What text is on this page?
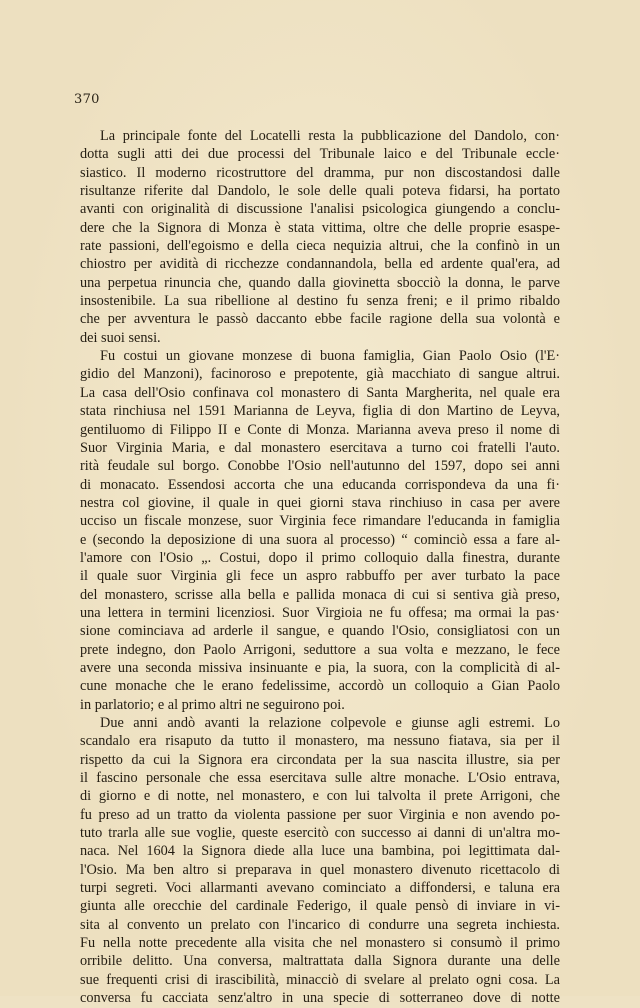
370
La principale fonte del Locatelli resta la pubblicazione del Dandolo, con·
dotta sugli atti dei due processi del Tribunale laico e del Tribunale eccle·
siastico. Il moderno ricostruttore del dramma, pur non discostandosi dalle
risultanze riferite dal Dandolo, le sole delle quali poteva fidarsi, ha portato
avanti con originalità di discussione l'analisi psicologica giungendo a conclu-
dere che la Signora di Monza è stata vittima, oltre che delle proprie esaspe-
rate passioni, dell'egoismo e della cieca nequizia altrui, che la confinò in un
chiostro per avidità di ricchezze condannandola, bella ed ardente qual'era, ad
una perpetua rinuncia che, quando dalla giovinetta sbocciò la donna, le parve
insostenibile. La sua ribellione al destino fu senza freni; e il primo ribaldo
che per avventura le passò daccanto ebbe facile ragione della sua volontà e
dei suoi sensi.
Fu costui un giovane monzese di buona famiglia, Gian Paolo Osio (l'E·
gidio del Manzoni), facinoroso e prepotente, già macchiato di sangue altrui.
La casa dell'Osio confinava col monastero di Santa Margherita, nel quale era
stata rinchiusa nel 1591 Marianna de Leyva, figlia di don Martino de Leyva,
gentiluomo di Filippo II e Conte di Monza. Marianna aveva preso il nome di
Suor Virginia Maria, e dal monastero esercitava a turno coi fratelli l'auto.
rità feudale sul borgo. Conobbe l'Osio nell'autunno del 1597, dopo sei anni
di monacato. Essendosi accorta che una educanda corrispondeva da una fi·
nestra col giovine, il quale in quei giorni stava rinchiuso in casa per avere
ucciso un fiscale monzese, suor Virginia fece rimandare l'educanda in famiglia
e (secondo la deposizione di una suora al processo) “ cominciò essa a fare al-
l'amore con l'Osio „. Costui, dopo il primo colloquio dalla finestra, durante
il quale suor Virginia gli fece un aspro rabbuffo per aver turbato la pace
del monastero, scrisse alla bella e pallida monaca di cui si sentiva già preso,
una lettera in termini licenziosi. Suor Virgioia ne fu offesa; ma ormai la pas·
sione cominciava ad arderle il sangue, e quando l'Osio, consigliatosi con un
prete indegno, don Paolo Arrigoni, seduttore a sua volta e mezzano, le fece
avere una seconda missiva insinuante e pia, la suora, con la complicità di al-
cune monache che le erano fedelissime, accordò un colloquio a Gian Paolo
in parlatorio; e al primo altri ne seguirono poi.
Due anni andò avanti la relazione colpevole e giunse agli estremi. Lo
scandalo era risaputo da tutto il monastero, ma nessuno fiatava, sia per il
rispetto da cui la Signora era circondata per la sua nascita illustre, sia per
il fascino personale che essa esercitava sulle altre monache. L'Osio entrava,
di giorno e di notte, nel monastero, e con lui talvolta il prete Arrigoni, che
fu preso ad un tratto da violenta passione per suor Virginia e non avendo po-
tuto trarla alle sue voglie, queste esercitò con successo ai danni di un'altra mo-
naca. Nel 1604 la Signora diede alla luce una bambina, poi legittimata dal-
l'Osio. Ma ben altro si preparava in quel monastero divenuto ricettacolo di
turpi segreti. Voci allarmanti avevano cominciato a diffondersi, e taluna era
giunta alle orecchie del cardinale Federigo, il quale pensò di inviare in vi-
sita al convento un prelato con l'incarico di condurre una segreta inchiesta.
Fu nella notte precedente alla visita che nel monastero si consumò il primo
orribile delitto. Una conversa, maltrattata dalla Signora durante una delle
sue frequenti crisi di irascibilità, minacciò di svelare al prelato ogni cosa. La
conversa fu cacciata senz'altro in una specie di sotterraneo dove di notte
